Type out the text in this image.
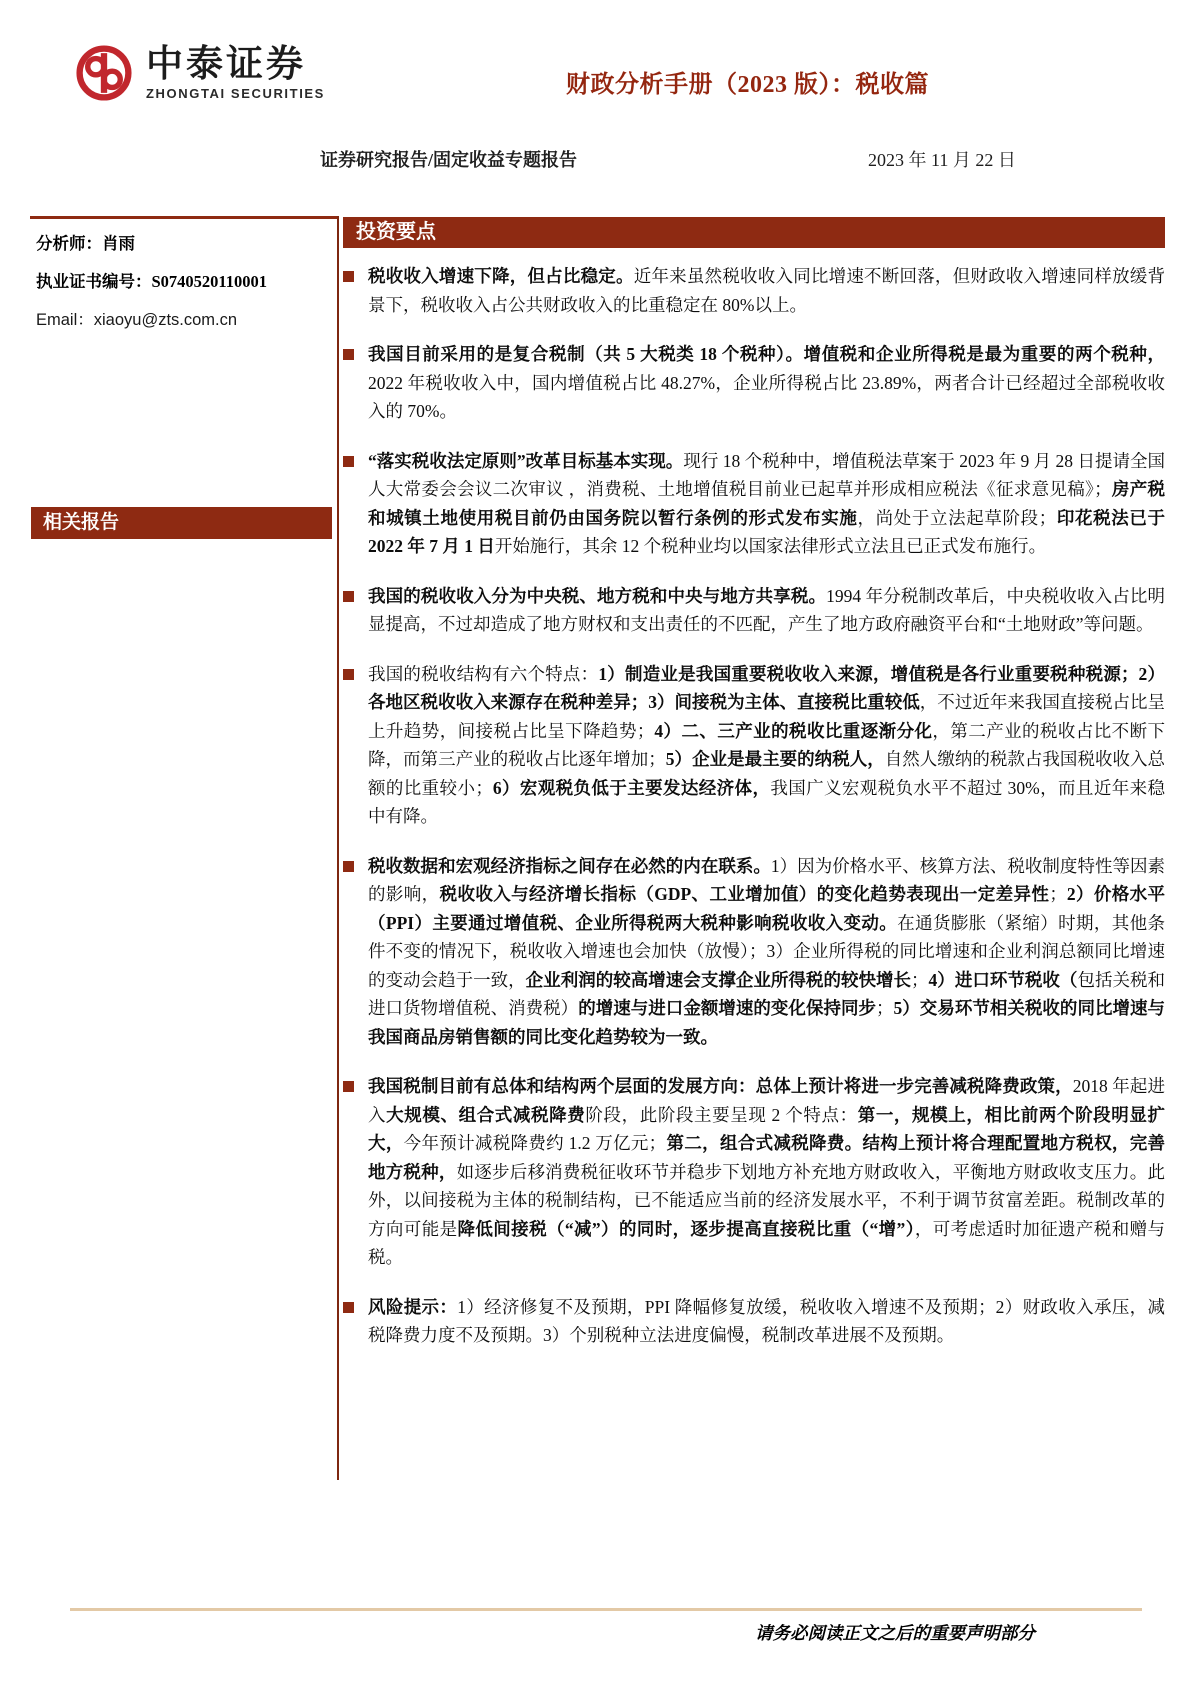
中泰证券
ZHONGTAI SECURITIES	财政分析手册（2023 版）：税收篇
证券研究报告/固定收益专题报告	2023 年 11 月 22 日

分析师：肖雨

执业证书编号：S0740520110001

Email：xiaoyu@zts.com.cn

相关报告
投资要点

税收收入增速下降，但占比稳定。近年来虽然税收收入同比增速不断回落，但财政收入增速同样放缓背景下，税收收入占公共财政收入的比重稳定在 80%以上。

我国目前采用的是复合税制（共 5 大税类 18 个税种）。增值税和企业所得税是最为重要的两个税种，2022 年税收收入中，国内增值税占比 48.27%，企业所得税占比 23.89%，两者合计已经超过全部税收收入的 70%。

“落实税收法定原则”改革目标基本实现。现行 18 个税种中，增值税法草案于 2023 年 9 月 28 日提请全国人大常委会会议二次审议 ，消费税、土地增值税目前业已起草并形成相应税法《征求意见稿》；房产税和城镇土地使用税目前仍由国务院以暂行条例的形式发布实施，尚处于立法起草阶段；印花税法已于 2022 年 7 月 1 日开始施行，其余 12 个税种业均以国家法律形式立法且已正式发布施行。

我国的税收收入分为中央税、地方税和中央与地方共享税。1994 年分税制改革后，中央税收收入占比明显提高，不过却造成了地方财权和支出责任的不匹配，产生了地方政府融资平台和“土地财政”等问题。

我国的税收结构有六个特点：1）制造业是我国重要税收收入来源，增值税是各行业重要税种税源；2）各地区税收收入来源存在税种差异；3）间接税为主体、直接税比重较低，不过近年来我国直接税占比呈上升趋势，间接税占比呈下降趋势；4）二、三产业的税收比重逐渐分化，第二产业的税收占比不断下降，而第三产业的税收占比逐年增加；5）企业是最主要的纳税人，自然人缴纳的税款占我国税收收入总额的比重较小；6）宏观税负低于主要发达经济体，我国广义宏观税负水平不超过 30%，而且近年来稳中有降。

税收数据和宏观经济指标之间存在必然的内在联系。1）因为价格水平、核算方法、税收制度特性等因素的影响，税收收入与经济增长指标（GDP、工业增加值）的变化趋势表现出一定差异性；2）价格水平（PPI）主要通过增值税、企业所得税两大税种影响税收收入变动。在通货膨胀（紧缩）时期，其他条件不变的情况下，税收收入增速也会加快（放慢）；3）企业所得税的同比增速和企业利润总额同比增速的变动会趋于一致，企业利润的较高增速会支撑企业所得税的较快增长；4）进口环节税收（包括关税和进口货物增值税、消费税）的增速与进口金额增速的变化保持同步；5）交易环节相关税收的同比增速与我国商品房销售额的同比变化趋势较为一致。

我国税制目前有总体和结构两个层面的发展方向：总体上预计将进一步完善减税降费政策，2018 年起进入大规模、组合式减税降费阶段，此阶段主要呈现 2 个特点：第一，规模上，相比前两个阶段明显扩大，今年预计减税降费约 1.2 万亿元；第二，组合式减税降费。结构上预计将合理配置地方税权，完善地方税种，如逐步后移消费税征收环节并稳步下划地方补充地方财政收入，平衡地方财政收支压力。此外，以间接税为主体的税制结构，已不能适应当前的经济发展水平，不利于调节贫富差距。税制改革的方向可能是降低间接税（“减”）的同时，逐步提高直接税比重（“增”），可考虑适时加征遗产税和赠与税。

风险提示：1）经济修复不及预期，PPI 降幅修复放缓，税收收入增速不及预期；2）财政收入承压，减税降费力度不及预期。3）个别税种立法进度偏慢，税制改革进展不及预期。

请务必阅读正文之后的重要声明部分
